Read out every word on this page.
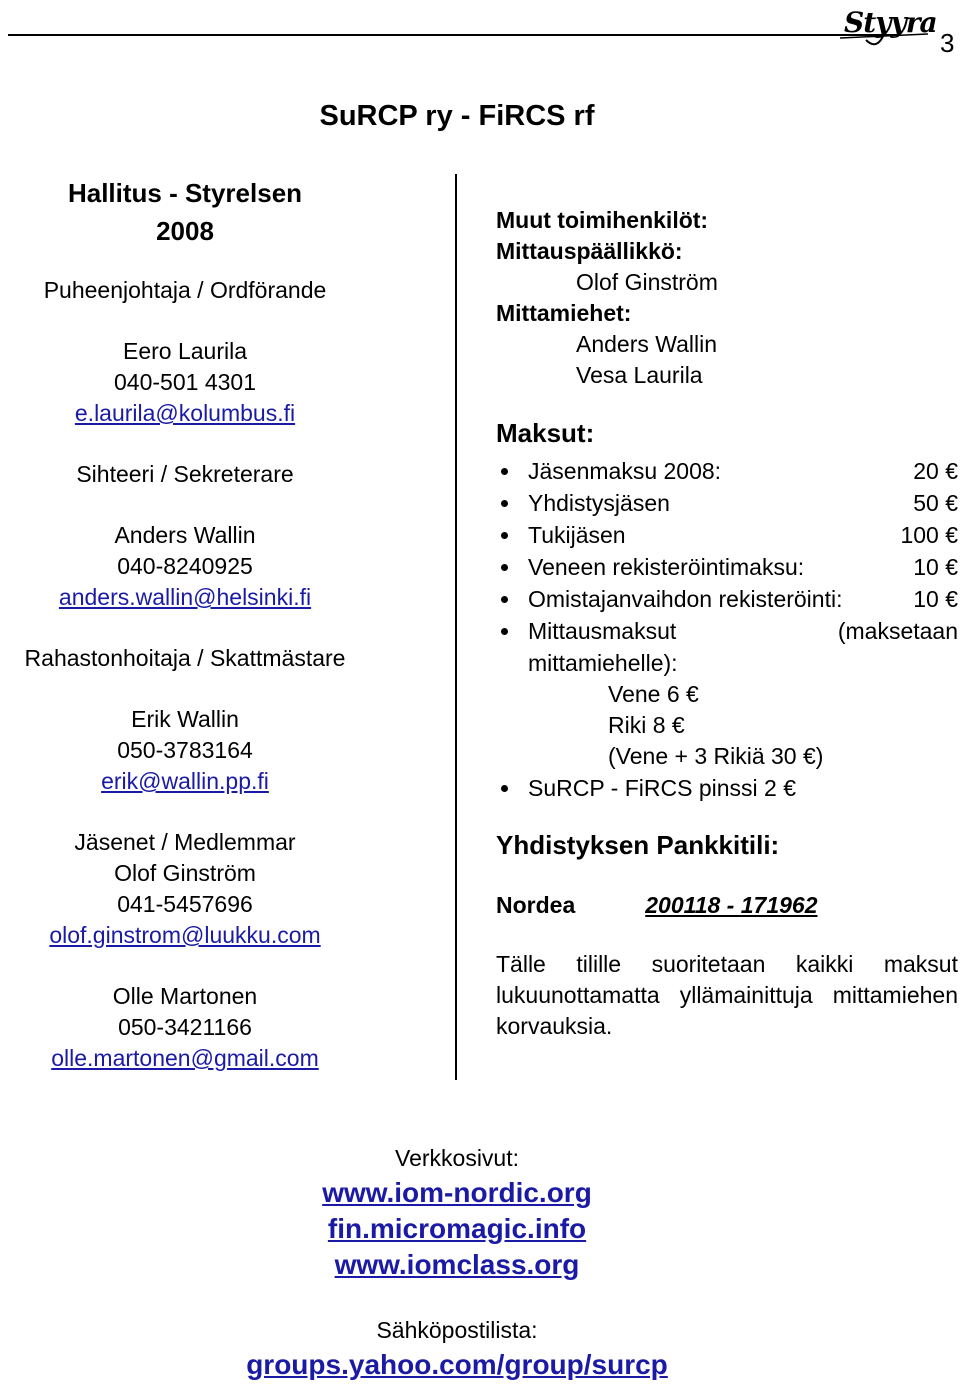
Styyra
3
SuRCP ry - FiRCS rf
Hallitus - Styrelsen
2008
Puheenjohtaja / Ordförande
Eero Laurila
040-501 4301
e.laurila@kolumbus.fi
Sihteeri / Sekreterare
Anders Wallin
040-8240925
anders.wallin@helsinki.fi
Rahastonhoitaja / Skattmästare
Erik Wallin
050-3783164
erik@wallin.pp.fi
Jäsenet / Medlemmar
Olof Ginström
041-5457696
olof.ginstrom@luukku.com
Olle Martonen
050-3421166
olle.martonen@gmail.com
Muut toimihenkilöt:
Mittauspäällikkö:
Olof Ginström
Mittamiehet:
Anders Wallin
Vesa Laurila
Maksut:
Jäsenmaksu 2008:	20 €
Yhdistysjäsen	50 €
Tukijäsen	100 €
Veneen rekisteröintimaksu:	10 €
Omistajanvaihdon rekisteröinti:	10 €
Mittausmaksut	(maksetaan
mittamiehelle):
Vene 6 €
Riki 8 €
(Vene + 3 Rikiä 30 €)
SuRCP - FiRCS pinssi 2 €
Yhdistyksen Pankkitili:
Nordea	200118 - 171962
Tälle tilille suoritetaan kaikki maksut lukuunottamatta yllämainittuja mittamiehen korvauksia.
Verkkosivut:
www.iom-nordic.org
fin.micromagic.info
www.iomclass.org
Sähköpostilista:
groups.yahoo.com/group/surcp
